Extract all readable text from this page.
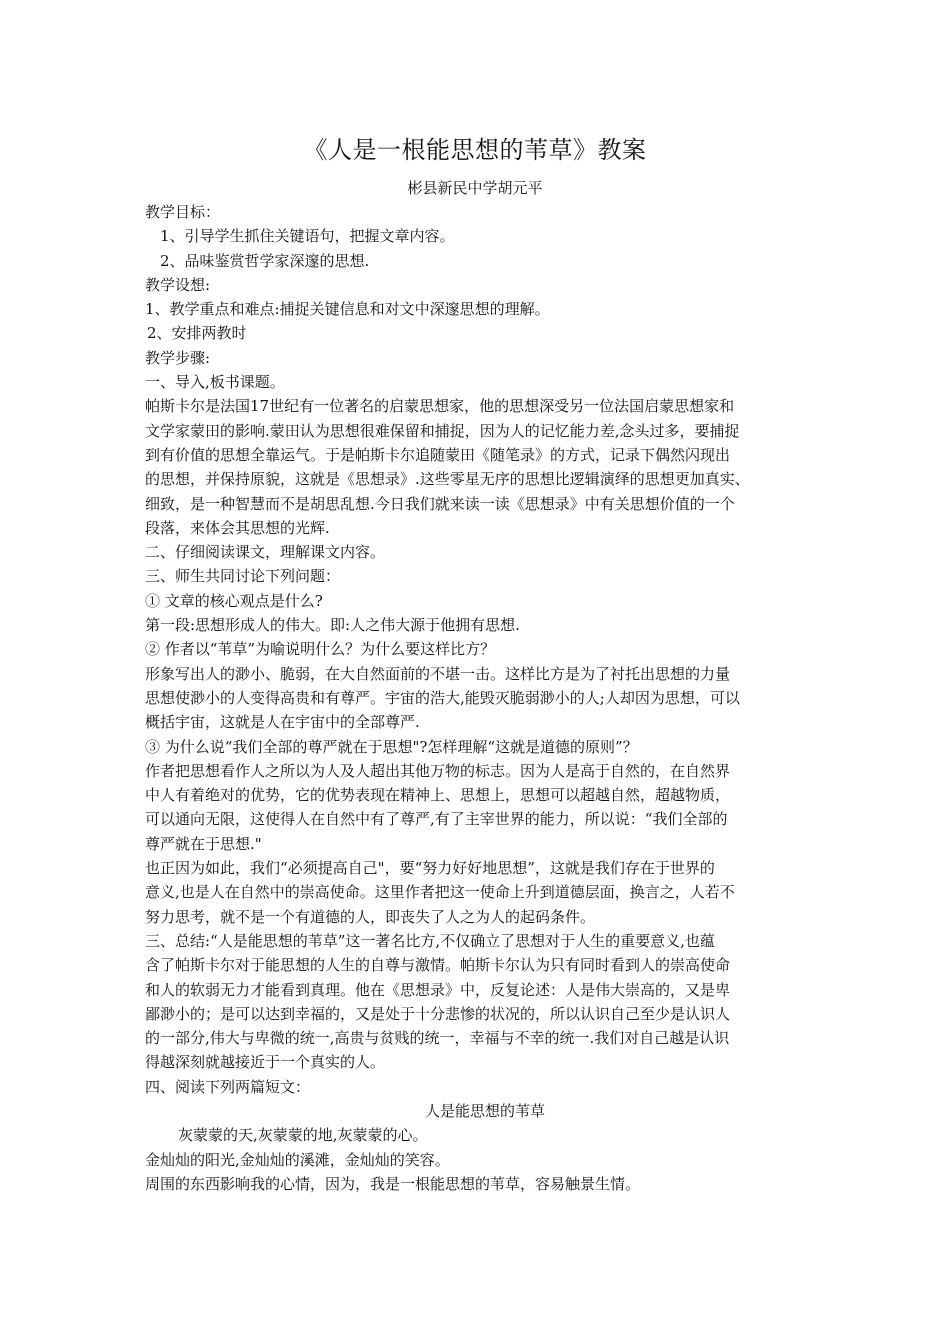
《人是一根能思想的苇草》教案
彬县新民中学胡元平

教学目标：

1、引导学生抓住关键语句，把握文章内容。

2、品味鉴赏哲学家深邃的思想.

教学设想:

1、教学重点和难点:捕捉关键信息和对文中深邃思想的理解。

2、安排两教时

教学步骤:

一、导入,板书课题。

帕斯卡尔是法国17世纪有一位著名的启蒙思想家，他的思想深受另一位法国启蒙思想家和

文学家蒙田的影响.蒙田认为思想很难保留和捕捉，因为人的记忆能力差,念头过多，要捕捉

到有价值的思想全靠运气。于是帕斯卡尔追随蒙田《随笔录》的方式，记录下偶然闪现出

的思想，并保持原貌，这就是《思想录》.这些零星无序的思想比逻辑演绎的思想更加真实、

细致，是一种智慧而不是胡思乱想.今日我们就来读一读《思想录》中有关思想价值的一个

段落，来体会其思想的光辉.

二、仔细阅读课文，理解课文内容。

三、师生共同讨论下列问题：

① 文章的核心观点是什么?

第一段:思想形成人的伟大。即:人之伟大源于他拥有思想.

② 作者以“苇草”为喻说明什么？为什么要这样比方？

形象写出人的渺小、脆弱，在大自然面前的不堪一击。这样比方是为了衬托出思想的力量

思想使渺小的人变得高贵和有尊严。宇宙的浩大,能毁灭脆弱渺小的人;人却因为思想，可以

概括宇宙，这就是人在宇宙中的全部尊严.

③ 为什么说“我们全部的尊严就在于思想"?怎样理解“这就是道德的原则”？

作者把思想看作人之所以为人及人超出其他万物的标志。因为人是高于自然的，在自然界

中人有着绝对的优势，它的优势表现在精神上、思想上，思想可以超越自然，超越物质，

可以通向无限，这使得人在自然中有了尊严,有了主宰世界的能力，所以说：“我们全部的

尊严就在于思想."

也正因为如此，我们“必须提高自己"，要“努力好好地思想”，这就是我们存在于世界的

意义,也是人在自然中的崇高使命。这里作者把这一使命上升到道德层面，换言之，人若不

努力思考，就不是一个有道德的人，即丧失了人之为人的起码条件。

三、总结:“人是能思想的苇草”这一著名比方,不仅确立了思想对于人生的重要意义,也蕴

含了帕斯卡尔对于能思想的人生的自尊与激情。帕斯卡尔认为只有同时看到人的崇高使命

和人的软弱无力才能看到真理。他在《思想录》中，反复论述：人是伟大崇高的，又是卑

鄙渺小的；是可以达到幸福的，又是处于十分悲惨的状况的，所以认识自己至少是认识人

的一部分,伟大与卑微的统一,高贵与贫贱的统一，幸福与不幸的统一.我们对自己越是认识

得越深刻就越接近于一个真实的人。

四、阅读下列两篇短文：

人是能思想的苇草

灰蒙蒙的天,灰蒙蒙的地,灰蒙蒙的心。

金灿灿的阳光,金灿灿的溪滩，金灿灿的笑容。

周围的东西影响我的心情，因为，我是一根能思想的苇草，容易触景生情。
